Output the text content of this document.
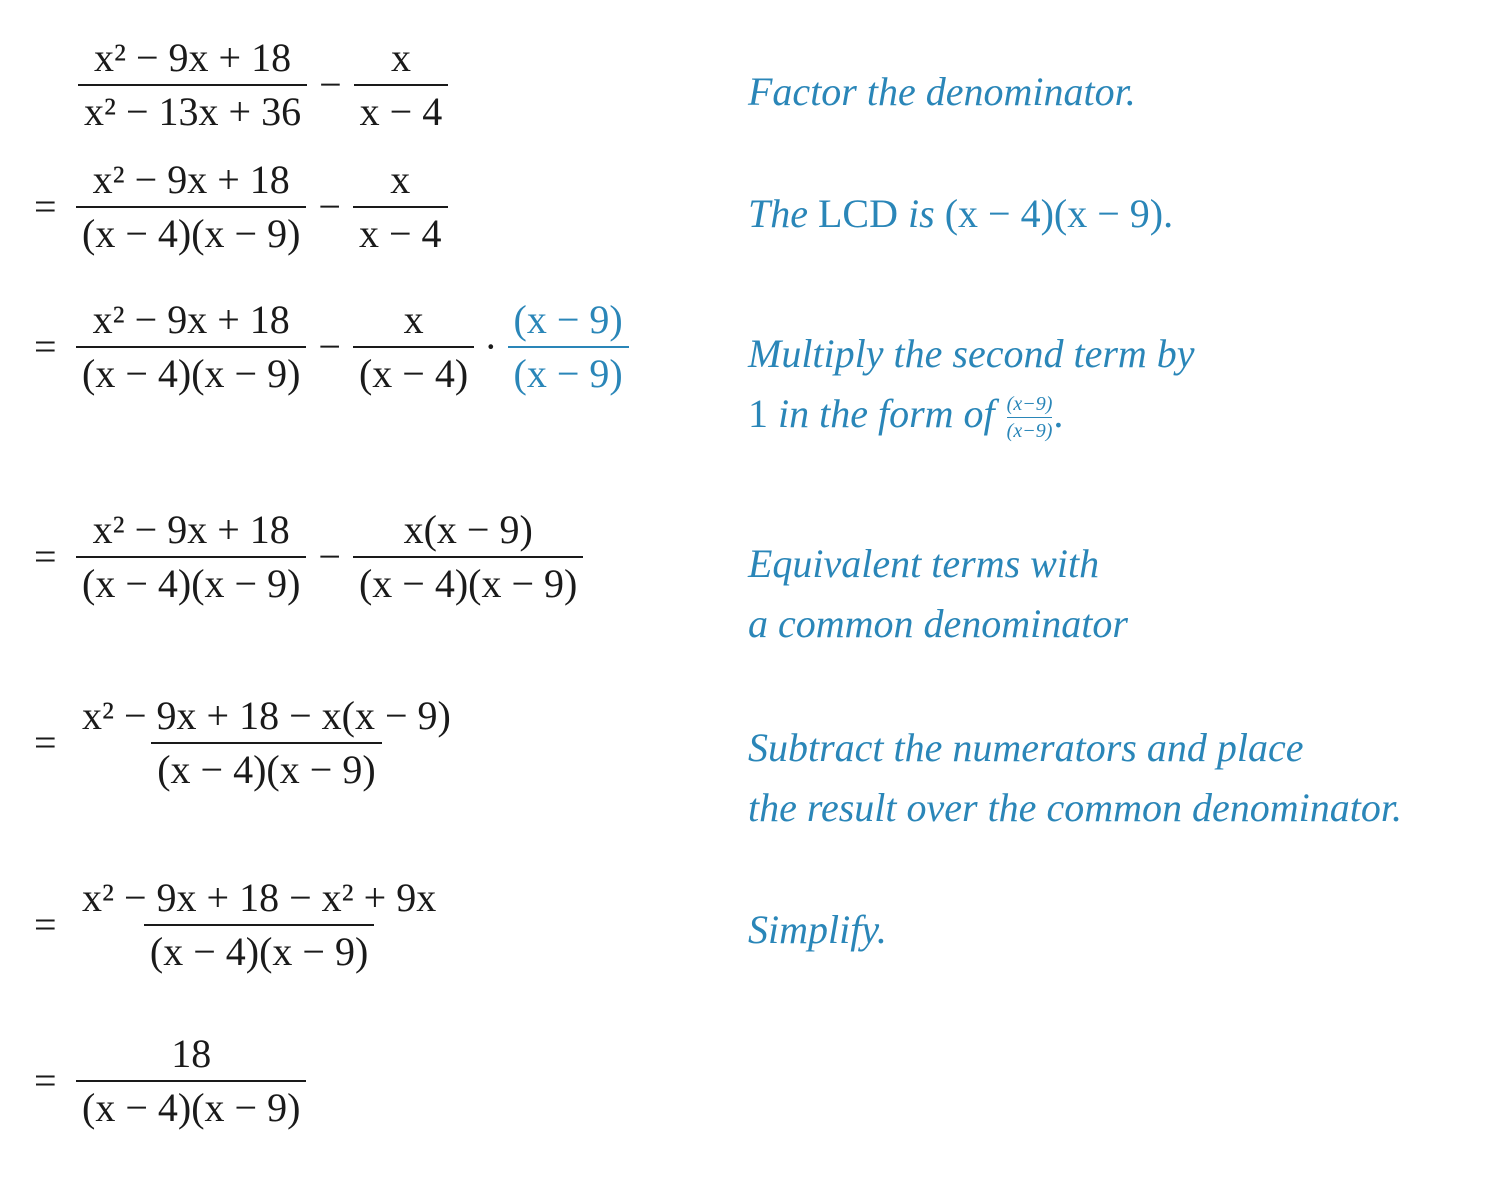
$\frac{\text{x² − 9x + 18}}{\text{x² − 13x + 36}} - \frac{x}{x - 4}$	Factor the denominator.
= $\frac{\text{x² − 9x + 18}}{(x - 4)(x - 9)} - \frac{x}{x - 4}$	The LCD is (x − 4)(x − 9).
= $\frac{\text{x² − 9x + 18}}{(x - 4)(x - 9)} - \frac{x}{(x - 4)} \cdot \frac{(x - 9)}{(x - 9)}$	Multiply the second term by
1 in the form of $\frac{(x-9)}{(x-9)}$ .
= $\frac{\text{x² − 9x + 18}}{(x - 4)(x - 9)} - \frac{x(x - 9)}{(x - 4)(x - 9)}$	Equivalent terms with
a common denominator
= $\frac{\text{x² − 9x + 18 − x(x − 9)}}{(x - 4)(x - 9)}$	Subtract the numerators and place
the result over the common denominator.
= $\frac{\text{x² − 9x + 18 − x² + 9x}}{(x - 4)(x - 9)}$	Simplify.
= $\frac{18}{(x - 4)(x - 9)}$
